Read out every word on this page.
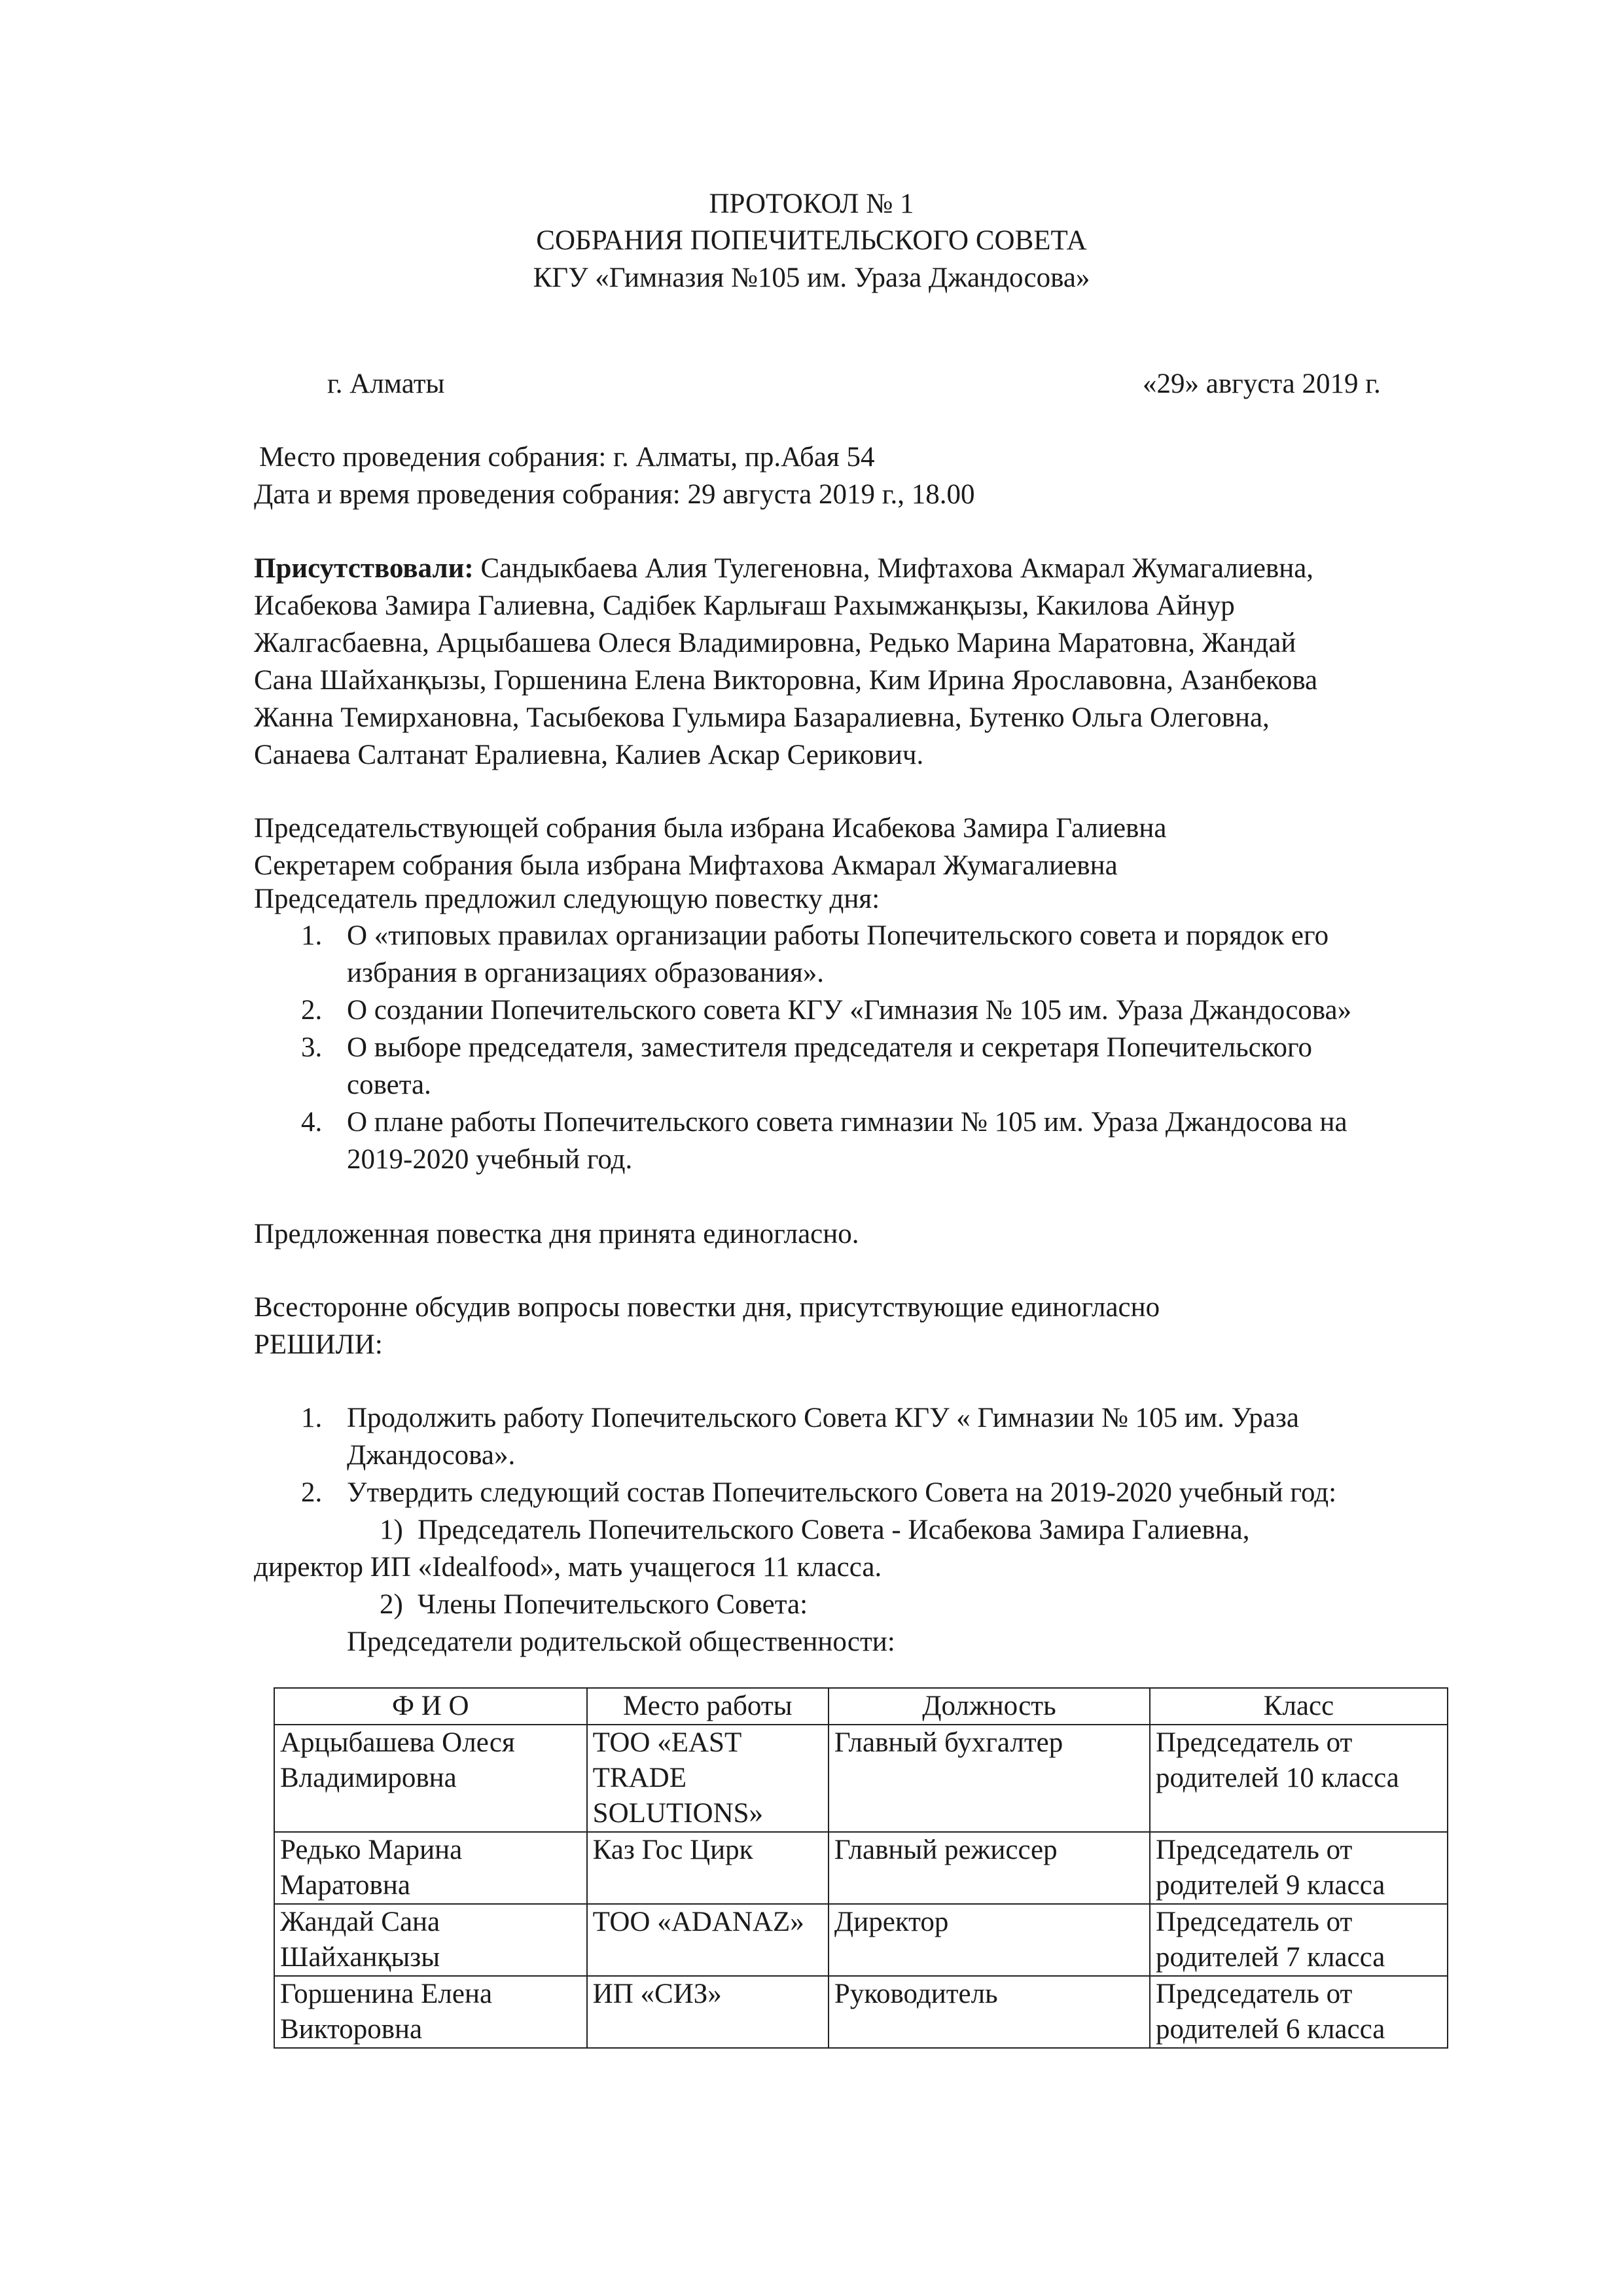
ПРОТОКОЛ № 1
СОБРАНИЯ ПОПЕЧИТЕЛЬСКОГО СОВЕТА
КГУ «Гимназия №105 им. Ураза Джандосова»
г. Алматы	«29» августа 2019 г.
Место проведения собрания: г. Алматы, пр.Абая 54
Дата и время проведения собрания: 29 августа 2019 г., 18.00
Присутствовали: Сандыкбаева Алия Тулегеновна, Мифтахова Акмарал Жумагалиевна,
Исабекова Замира Галиевна, Садібек Карлығаш Рахымжанқызы, Какилова Айнур
Жалгасбаевна, Арцыбашева Олеся Владимировна, Редько Марина Маратовна, Жандай
Сана Шайханқызы, Горшенина Елена Викторовна, Ким Ирина Ярославовна, Азанбекова
Жанна Темирхановна, Тасыбекова Гульмира Базаралиевна, Бутенко Ольга Олеговна,
Санаева Салтанат Ералиевна, Калиев Аскар Серикович.
Председательствующей собрания была избрана Исабекова Замира Галиевна
Секретарем собрания была избрана Мифтахова Акмарал Жумагалиевна
Председатель предложил следующую повестку дня:
1. О «типовых правилах организации работы Попечительского совета и порядок его
избрания в организациях образования».
2. О создании Попечительского совета КГУ «Гимназия № 105 им. Ураза Джандосова»
3. О выборе председателя, заместителя председателя и секретаря Попечительского
совета.
4. О плане работы Попечительского совета гимназии № 105 им. Ураза Джандосова на
2019-2020 учебный год.
Предложенная повестка дня принята единогласно.
Всесторонне обсудив вопросы повестки дня, присутствующие единогласно
РЕШИЛИ:
1. Продолжить работу Попечительского Совета КГУ « Гимназии № 105 им. Ураза
Джандосова».
2. Утвердить следующий состав Попечительского Совета на 2019-2020 учебный год:
1) Председатель Попечительского Совета - Исабекова Замира Галиевна,
директор ИП «Idealfood», мать учащегося 11 класса.
2) Члены Попечительского Совета:
Председатели родительской общественности:
Ф И О	Место работы	Должность	Класс
Арцыбашева Олеся Владимировна	ТОО «EAST TRADE SOLUTIONS»	Главный бухгалтер	Председатель от родителей 10 класса
Редько Марина Маратовна	Каз Гос Цирк	Главный режиссер	Председатель от родителей 9 класса
Жандай Сана Шайханқызы	ТОО «ADANAZ»	Директор	Председатель от родителей 7 класса
Горшенина Елена Викторовна	ИП «СИЗ»	Руководитель	Председатель от родителей 6 класса
